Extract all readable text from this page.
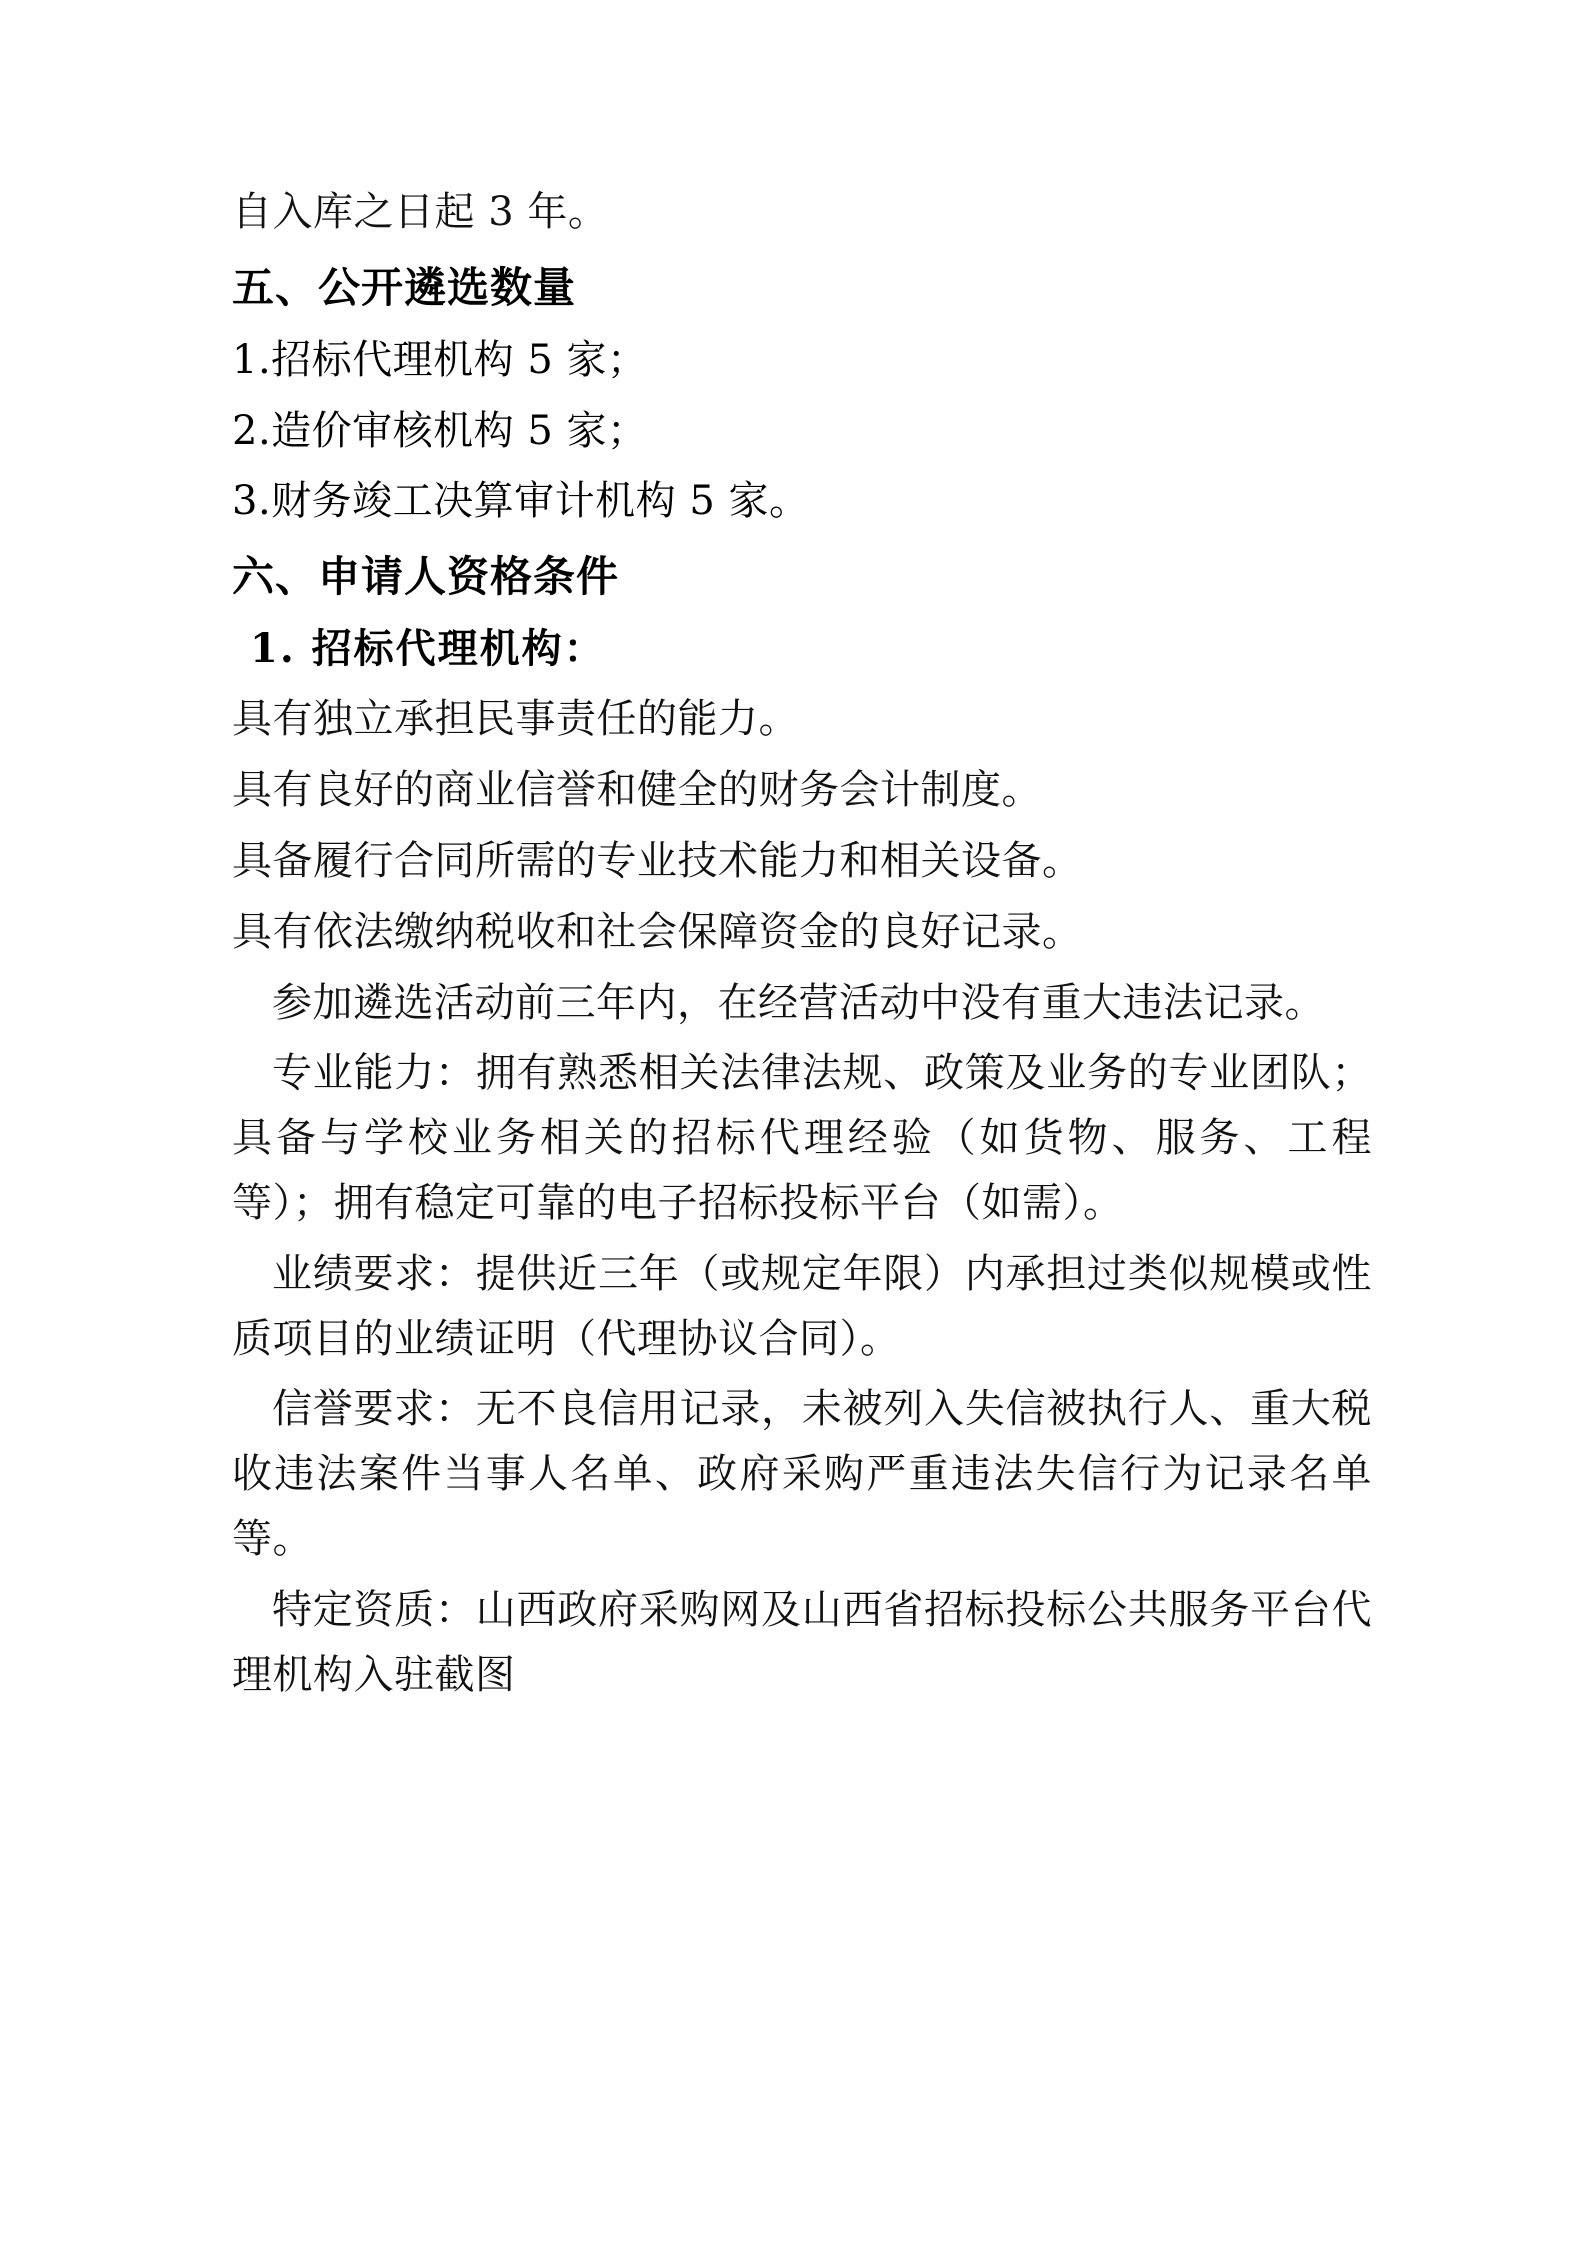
自入库之日起 3 年。

五、公开遴选数量

1.招标代理机构 5 家；

2.造价审核机构 5 家；

3.财务竣工决算审计机构 5 家。

六、申请人资格条件
1. 招标代理机构：

具有独立承担民事责任的能力。

具有良好的商业信誉和健全的财务会计制度。

具备履行合同所需的专业技术能力和相关设备。

具有依法缴纳税收和社会保障资金的良好记录。

参加遴选活动前三年内，在经营活动中没有重大违法记录。

专业能力：拥有熟悉相关法律法规、政策及业务的专业团队；具备与学校业务相关的招标代理经验（如货物、服务、工程等）；拥有稳定可靠的电子招标投标平台（如需）。

业绩要求：提供近三年（或规定年限）内承担过类似规模或性质项目的业绩证明（代理协议合同）。

信誉要求：无不良信用记录，未被列入失信被执行人、重大税收违法案件当事人名单、政府采购严重违法失信行为记录名单等。

特定资质：山西政府采购网及山西省招标投标公共服务平台代理机构入驻截图
